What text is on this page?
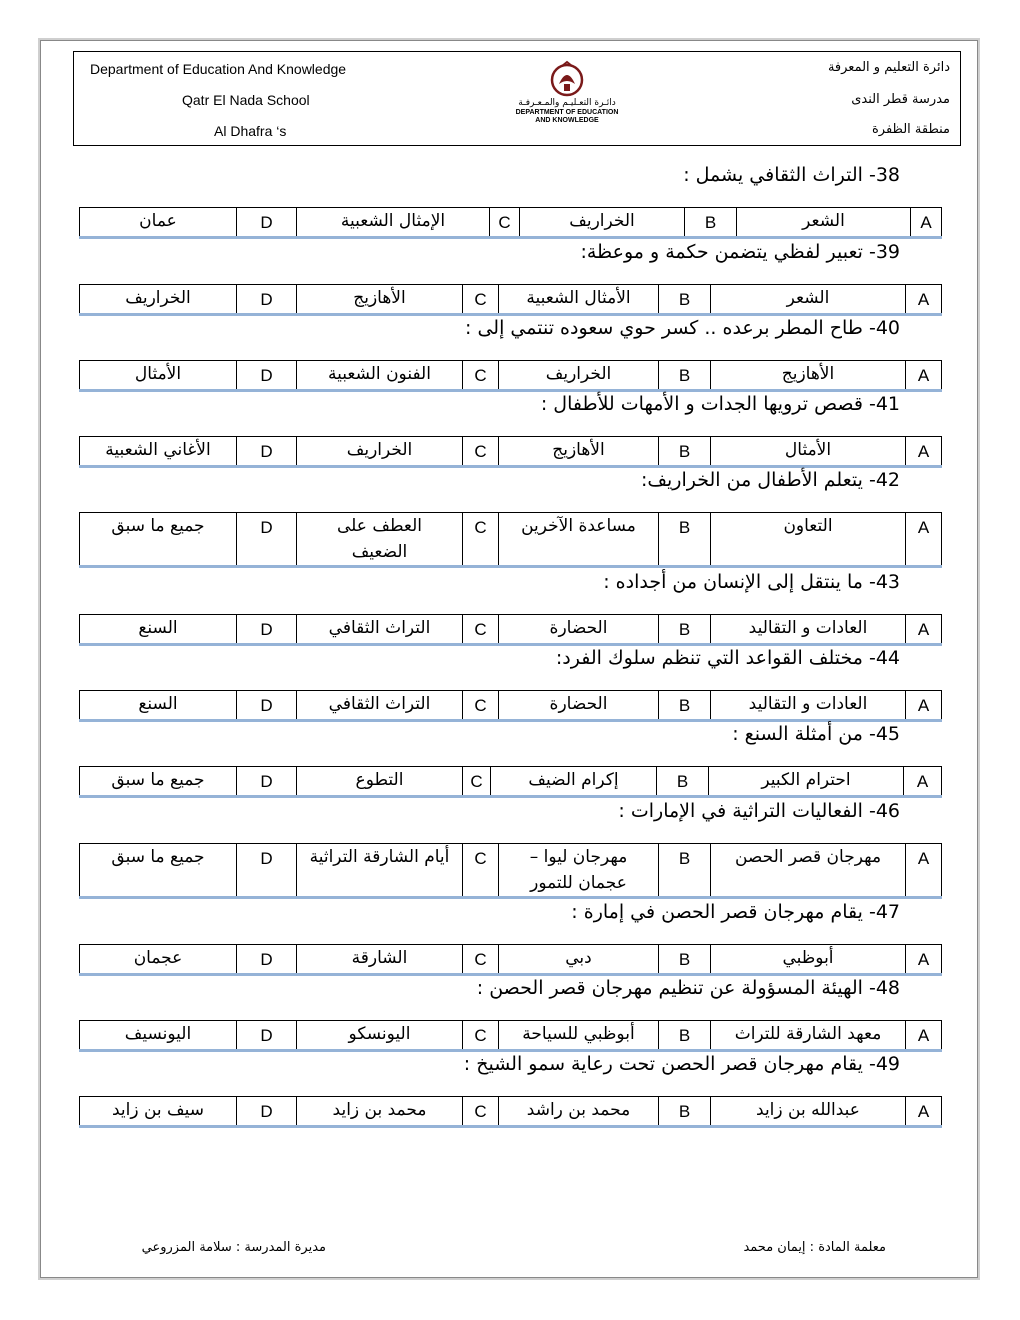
Department of Education And Knowledge
Qatr El Nada School
Al Dhafra ‘s
دائرة التعليم و المعرفة
مدرسة قطر الندى
منطقة الظفرة
دائـرة التعـليـم والمـعـرفـة
DEPARTMENT OF EDUCATION
AND KNOWLEDGE
38- التراث الثقافي يشمل :
عمان	D	الإمثال الشعبية	C	الخراريف	B	الشعر	A
39- تعبير لفظي يتضمن حكمة و موعظة:
الخراريف	D	الأهازيج	C	الأمثال الشعبية	B	الشعر	A
40- طاح المطر برعده .. كسر حوي سعوده تنتمي إلى :
الأمثال	D	الفنون الشعبية	C	الخراريف	B	الأهازيج	A
41- قصص ترويها الجدات و الأمهات للأطفال :
الأغاني الشعبية	D	الخراريف	C	الأهازيج	B	الأمثال	A
42- يتعلم الأطفال من الخراريف:
جميع ما سبق	D	العطف على
الضعيف
	C	مساعدة الآخرين	B	التعاون	A
43- ما ينتقل إلى الإنسان من أجداده :
السنع	D	التراث الثقافي	C	الحضارة	B	العادات و التقاليد	A
44- مختلف القواعد التي تنظم سلوك الفرد:
السنع	D	التراث الثقافي	C	الحضارة	B	العادات و التقاليد	A
45- من أمثلة السنع :
جميع ما سبق	D	التطوع	C	إكرام الضيف	B	احترام الكبير	A
46- الفعاليات التراثية في الإمارات :
جميع ما سبق	D	أيام الشارقة التراثية	C	مهرجان ليوا –
عجمان للتمور
	B	مهرجان قصر الحصن	A
47- يقام مهرجان قصر الحصن في إمارة :
عجمان	D	الشارقة	C	دبي	B	أبوظبي	A
48- الهيئة المسؤولة عن تنظيم مهرجان قصر الحصن :
اليونسيف	D	اليونسكو	C	أبوظبي للسياحة	B	معهد الشارقة للتراث	A
49- يقام مهرجان قصر الحصن تحت رعاية سمو الشيخ :
سيف بن زايد	D	محمد بن زايد	C	محمد بن راشد	B	عبدالله بن زايد	A
معلمة المادة : إيمان محمد
مديرة المدرسة : سلامة المزروعي
